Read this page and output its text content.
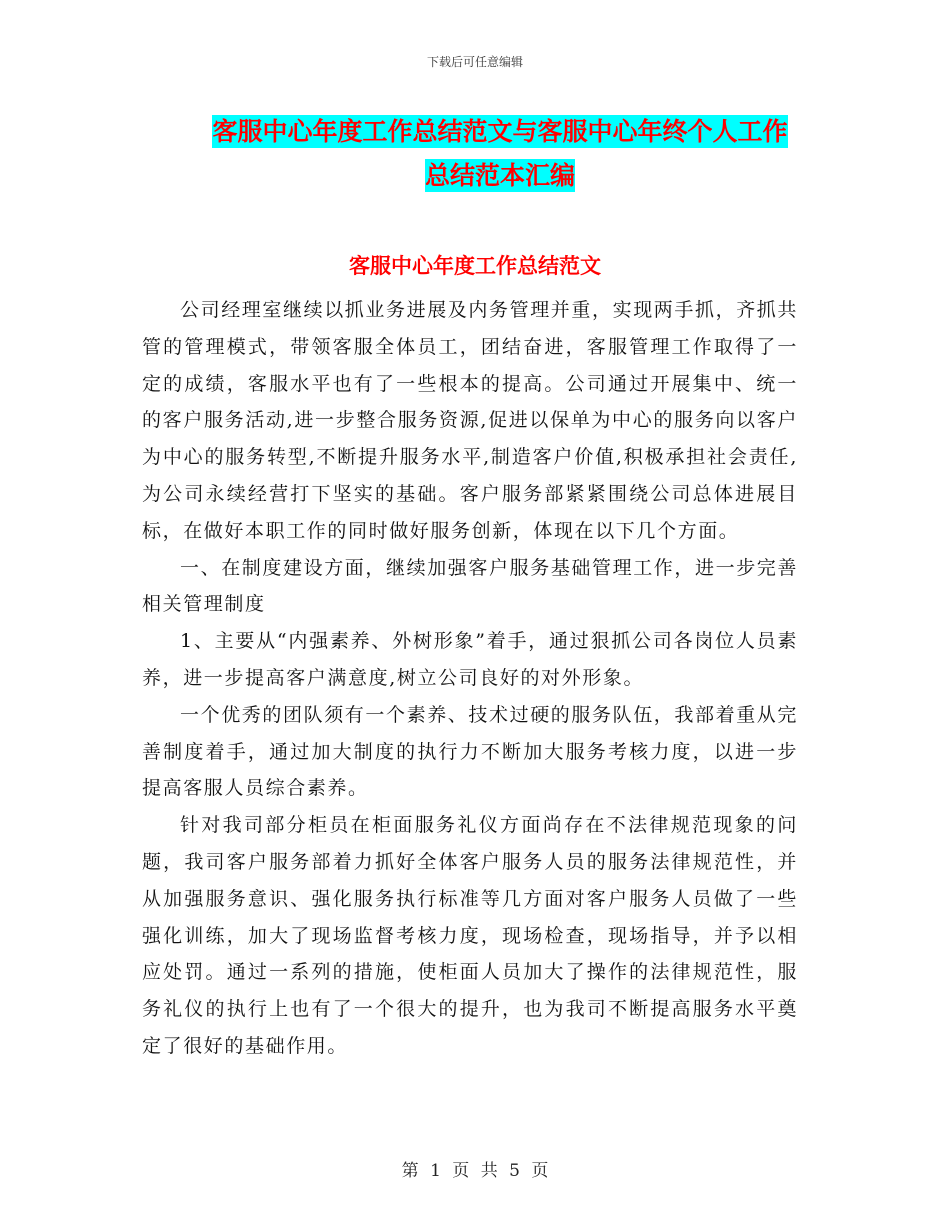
下载后可任意编辑
客服中心年度工作总结范文与客服中心年终个人工作
总结范本汇编
客服中心年度工作总结范文

公司经理室继续以抓业务进展及内务管理并重，实现两手抓，齐抓共管的管理模式，带领客服全体员工，团结奋进，客服管理工作取得了一定的成绩，客服水平也有了一些根本的提高。公司通过开展集中、统一的客户服务活动,进一步整合服务资源,促进以保单为中心的服务向以客户为中心的服务转型,不断提升服务水平,制造客户价值,积极承担社会责任,为公司永续经营打下坚实的基础。客户服务部紧紧围绕公司总体进展目标，在做好本职工作的同时做好服务创新，体现在以下几个方面。

一、在制度建设方面，继续加强客户服务基础管理工作，进一步完善相关管理制度

1、主要从“内强素养、外树形象”着手，通过狠抓公司各岗位人员素养，进一步提高客户满意度,树立公司良好的对外形象。

一个优秀的团队须有一个素养、技术过硬的服务队伍，我部着重从完善制度着手，通过加大制度的执行力不断加大服务考核力度，以进一步提高客服人员综合素养。

针对我司部分柜员在柜面服务礼仪方面尚存在不法律规范现象的问题，我司客户服务部着力抓好全体客户服务人员的服务法律规范性，并从加强服务意识、强化服务执行标准等几方面对客户服务人员做了一些强化训练，加大了现场监督考核力度，现场检查，现场指导，并予以相应处罚。通过一系列的措施，使柜面人员加大了操作的法律规范性，服务礼仪的执行上也有了一个很大的提升，也为我司不断提高服务水平奠定了很好的基础作用。

第 1 页 共 5 页
